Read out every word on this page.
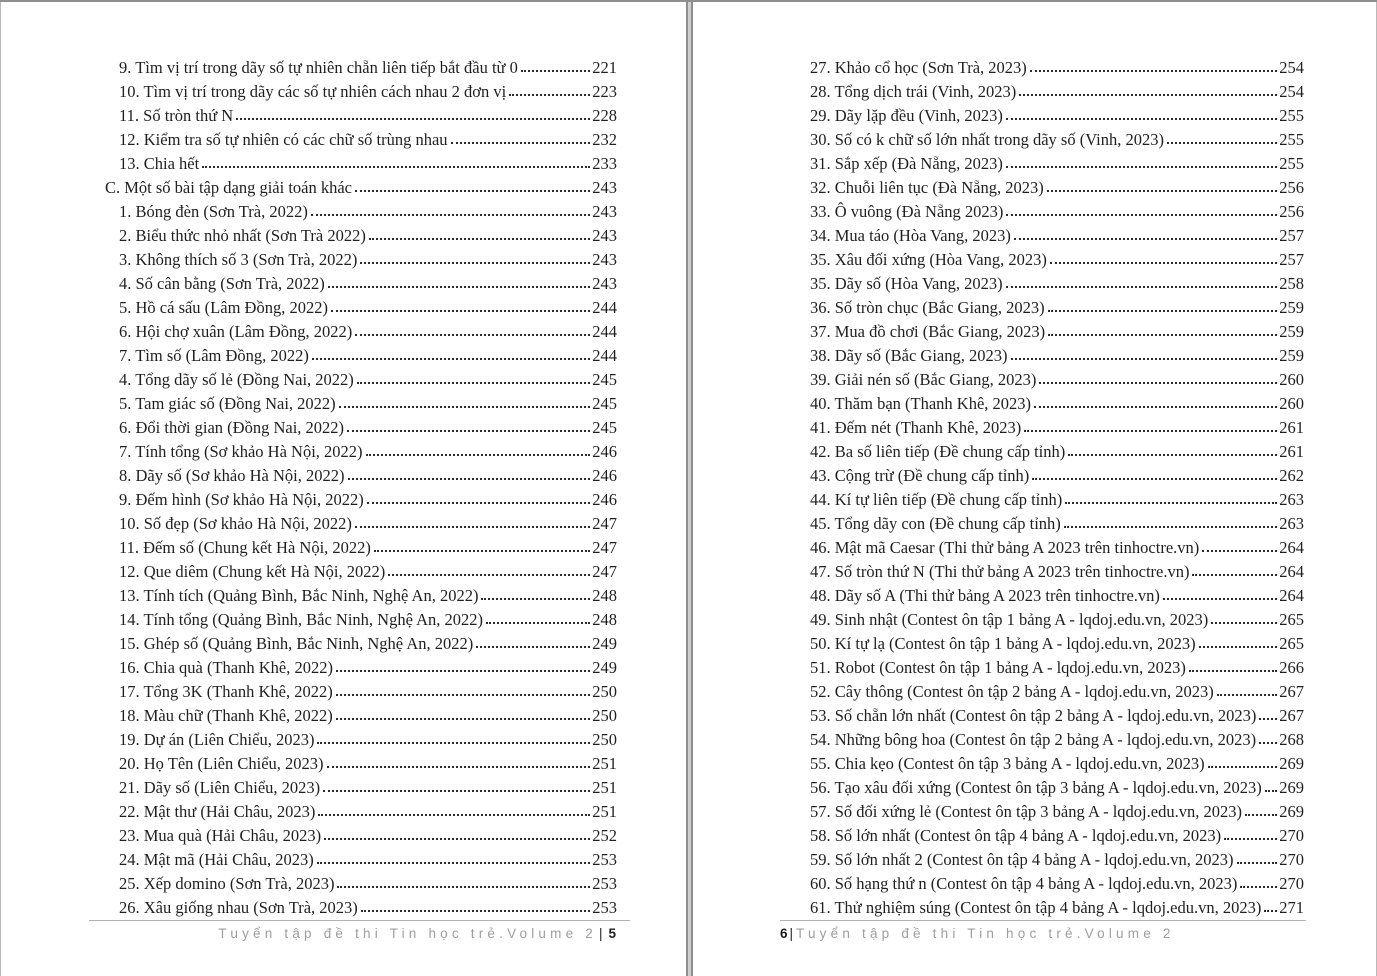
9. Tìm vị trí trong dãy số tự nhiên chẵn liên tiếp bắt đầu từ 0	221
10. Tìm vị trí trong dãy các số tự nhiên cách nhau 2 đơn vị	223
11. Số tròn thứ N	228
12. Kiểm tra số tự nhiên có các chữ số trùng nhau	232
13. Chia hết	233
C. Một số bài tập dạng giải toán khác	243
1. Bóng đèn (Sơn Trà, 2022)	243
2. Biểu thức nhỏ nhất (Sơn Trà 2022)	243
3. Không thích số 3 (Sơn Trà, 2022)	243
4. Số cân bằng (Sơn Trà, 2022)	243
5. Hồ cá sấu (Lâm Đồng, 2022)	244
6. Hội chợ xuân (Lâm Đồng, 2022)	244
7. Tìm số (Lâm Đồng, 2022)	244
4. Tổng dãy số lẻ (Đồng Nai, 2022)	245
5. Tam giác số (Đồng Nai, 2022)	245
6. Đổi thời gian (Đồng Nai, 2022)	245
7. Tính tổng (Sơ khảo Hà Nội, 2022)	246
8. Dãy số (Sơ khảo Hà Nội, 2022)	246
9. Đếm hình (Sơ khảo Hà Nội, 2022)	246
10. Số đẹp (Sơ khảo Hà Nội, 2022)	247
11. Đếm số (Chung kết Hà Nội, 2022)	247
12. Que diêm (Chung kết Hà Nội, 2022)	247
13. Tính tích (Quảng Bình, Bắc Ninh, Nghệ An, 2022)	248
14. Tính tổng (Quảng Bình, Bắc Ninh, Nghệ An, 2022)	248
15. Ghép số (Quảng Bình, Bắc Ninh, Nghệ An, 2022)	249
16. Chia quà (Thanh Khê, 2022)	249
17. Tổng 3K (Thanh Khê, 2022)	250
18. Màu chữ (Thanh Khê, 2022)	250
19. Dự án (Liên Chiểu, 2023)	250
20. Họ Tên (Liên Chiểu, 2023)	251
21. Dãy số (Liên Chiểu, 2023)	251
22. Mật thư (Hải Châu, 2023)	251
23. Mua quà (Hải Châu, 2023)	252
24. Mật mã (Hải Châu, 2023)	253
25. Xếp domino (Sơn Trà, 2023)	253
26. Xâu giống nhau (Sơn Trà, 2023)	253
Tuyển tập đề thi Tin học trẻ.Volume 2 | 5
27. Khảo cổ học (Sơn Trà, 2023)	254
28. Tổng dịch trái (Vinh, 2023)	254
29. Dãy lặp đều (Vinh, 2023)	255
30. Số có k chữ số lớn nhất trong dãy số (Vinh, 2023)	255
31. Sắp xếp (Đà Nẵng, 2023)	255
32. Chuỗi liên tục (Đà Nẵng, 2023)	256
33. Ô vuông (Đà Nẵng 2023)	256
34. Mua táo (Hòa Vang, 2023)	257
35. Xâu đối xứng (Hòa Vang, 2023)	257
35. Dãy số (Hòa Vang, 2023)	258
36. Số tròn chục (Bắc Giang, 2023)	259
37. Mua đồ chơi (Bắc Giang, 2023)	259
38. Dãy số (Bắc Giang, 2023)	259
39. Giải nén số (Bắc Giang, 2023)	260
40. Thăm bạn (Thanh Khê, 2023)	260
41. Đếm nét (Thanh Khê, 2023)	261
42. Ba số liên tiếp (Đề chung cấp tỉnh)	261
43. Cộng trừ (Đề chung cấp tỉnh)	262
44. Kí tự liên tiếp (Đề chung cấp tỉnh)	263
45. Tổng dãy con (Đề chung cấp tỉnh)	263
46. Mật mã Caesar (Thi thử bảng A 2023 trên tinhoctre.vn)	264
47. Số tròn thứ N (Thi thử bảng A 2023 trên tinhoctre.vn)	264
48. Dãy số A (Thi thử bảng A 2023 trên tinhoctre.vn)	264
49. Sinh nhật (Contest ôn tập 1 bảng A - lqdoj.edu.vn, 2023)	265
50. Kí tự lạ (Contest ôn tập 1 bảng A - lqdoj.edu.vn, 2023)	265
51. Robot (Contest ôn tập 1 bảng A - lqdoj.edu.vn, 2023)	266
52. Cây thông (Contest ôn tập 2 bảng A - lqdoj.edu.vn, 2023)	267
53. Số chẵn lớn nhất (Contest ôn tập 2 bảng A - lqdoj.edu.vn, 2023) 267
54. Những bông hoa (Contest ôn tập 2 bảng A - lqdoj.edu.vn, 2023) 268
55. Chia kẹo (Contest ôn tập 3 bảng A - lqdoj.edu.vn, 2023)	269
56. Tạo xâu đối xứng (Contest ôn tập 3 bảng A - lqdoj.edu.vn, 2023) 269
57. Số đối xứng lẻ (Contest ôn tập 3 bảng A - lqdoj.edu.vn, 2023) 269
58. Số lớn nhất (Contest ôn tập 4 bảng A - lqdoj.edu.vn, 2023)	270
59. Số lớn nhất 2 (Contest ôn tập 4 bảng A - lqdoj.edu.vn, 2023)	270
60. Số hạng thứ n (Contest ôn tập 4 bảng A - lqdoj.edu.vn, 2023)	270
61. Thử nghiệm súng (Contest ôn tập 4 bảng A - lqdoj.edu.vn, 2023) 271
6| Tuyển tập đề thi Tin học trẻ.Volume 2
